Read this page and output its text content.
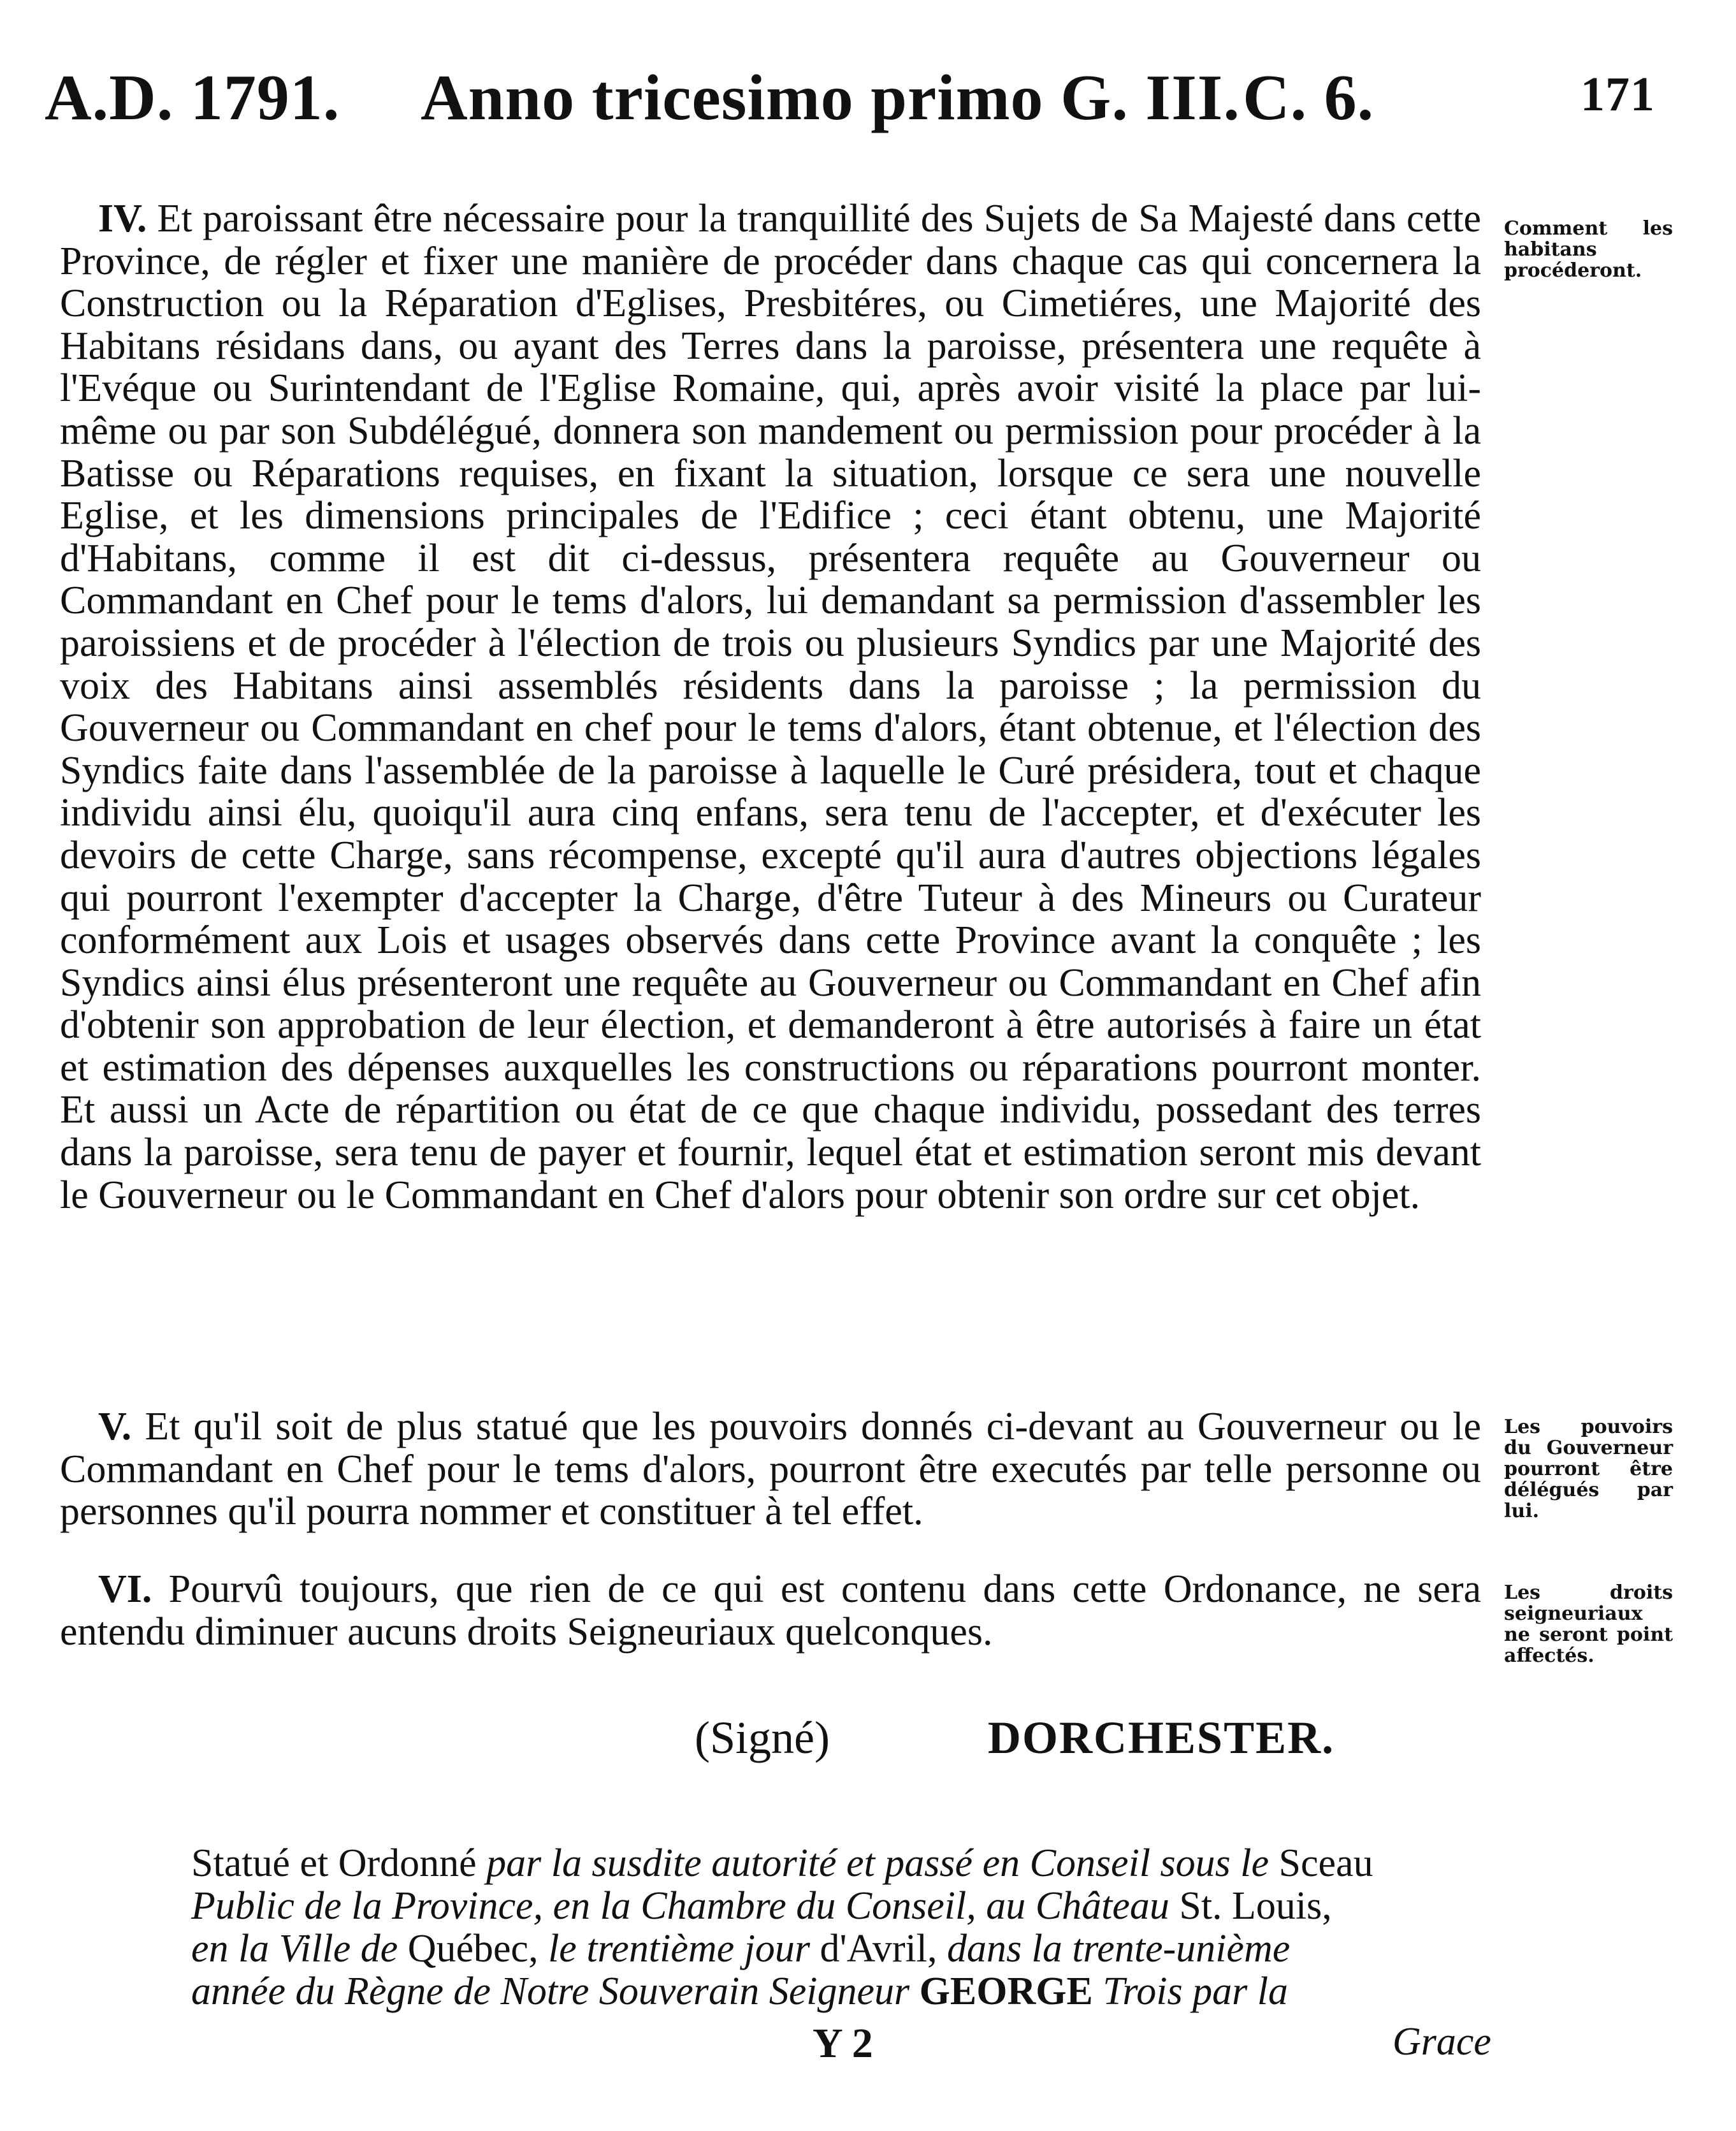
A.D. 1791. Anno tricesimo primo G. III. C. 6.	171

IV. Et paroissant être nécessaire pour la tranquillité des Sujets de Sa Majesté dans cette Province, de régler et fixer une manière de procéder dans chaque cas qui concernera la Construction ou la Réparation d'Eglises, Presbitéres, ou Cimetiéres, une Majorité des Habitans résidans dans, ou ayant des Terres dans la paroisse, présentera une requête à l'Evéque ou Surintendant de l'Eglise Romaine, qui, après avoir visité la place par lui-même ou par son Subdélégué, donnera son mandement ou permission pour procéder à la Batisse ou Réparations requises, en fixant la situation, lorsque ce sera une nouvelle Eglise, et les dimensions principales de l'Edifice ; ceci étant obtenu, une Majorité d'Habitans, comme il est dit ci-dessus, présentera requête au Gouverneur ou Commandant en Chef pour le tems d'alors, lui demandant sa permission d'assembler les paroissiens et de procéder à l'élection de trois ou plusieurs Syndics par une Majorité des voix des Habitans ainsi assemblés résidents dans la paroisse ; la permission du Gouverneur ou Commandant en chef pour le tems d'alors, étant obtenue, et l'élection des Syndics faite dans l'assemblée de la paroisse à laquelle le Curé présidera, tout et chaque individu ainsi élu, quoiqu'il aura cinq enfans, sera tenu de l'accepter, et d'exécuter les devoirs de cette Charge, sans récompense, excepté qu'il aura d'autres objections légales qui pourront l'exempter d'accepter la Charge, d'être Tuteur à des Mineurs ou Curateur conformément aux Lois et usages observés dans cette Province avant la conquête ; les Syndics ainsi élus présenteront une requête au Gouverneur ou Commandant en Chef afin d'obtenir son approbation de leur élection, et demanderont à être autorisés à faire un état et estimation des dépenses auxquelles les constructions ou réparations pourront monter. Et aussi un Acte de répartition ou état de ce que chaque individu, possedant des terres dans la paroisse, sera tenu de payer et fournir, lequel état et estimation seront mis devant le Gouverneur ou le Commandant en Chef d'alors pour obtenir son ordre sur cet objet.

Comment les habitans procéderont.

V. Et qu'il soit de plus statué que les pouvoirs donnés ci-devant au Gouverneur ou le Commandant en Chef pour le tems d'alors, pourront être executés par telle personne ou personnes qu'il pourra nommer et constituer à tel effet.

Les pouvoirs du Gouverneur pourront être délégués par lui.

VI. Pourvû toujours, que rien de ce qui est contenu dans cette Ordonance, ne sera entendu diminuer aucuns droits Seigneuriaux quelconques.

Les droits seigneuriaux ne seront point affectés.
(Signé)	DORCHESTER.
Statué et Ordonné par la susdite autorité et passé en Conseil sous le Sceau
Public de la Province, en la Chambre du Conseil, au Château St. Louis,
en la Ville de Québec, le trentième jour d'Avril, dans la trente-unième
année du Règne de Notre Souverain Seigneur GEORGE Trois par la
Y 2	Grace
